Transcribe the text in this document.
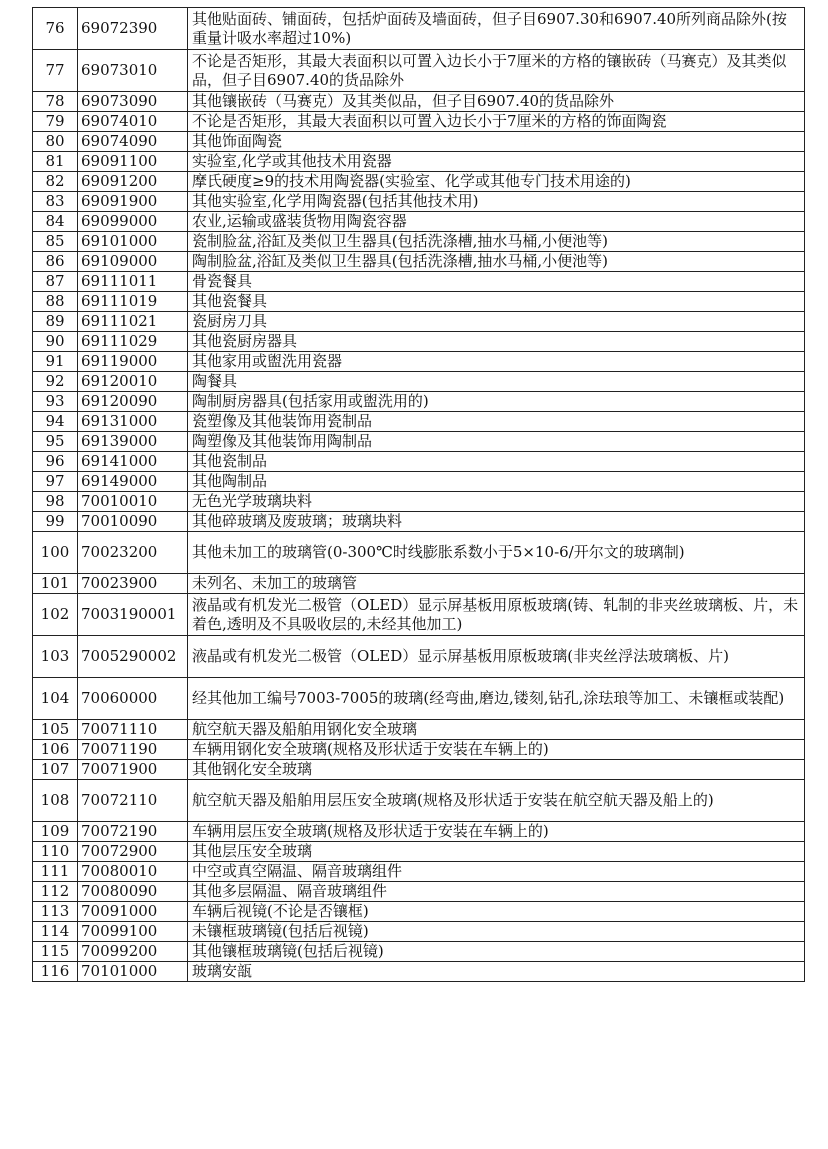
76	69072390	其他贴面砖、铺面砖，包括炉面砖及墙面砖，但子目6907.30和6907.40所列商品除外(按重量计吸水率超过10%)
77	69073010	不论是否矩形，其最大表面积以可置入边长小于7厘米的方格的镶嵌砖（马赛克）及其类似品，但子目6907.40的货品除外
78	69073090	其他镶嵌砖（马赛克）及其类似品，但子目6907.40的货品除外
79	69074010	不论是否矩形，其最大表面积以可置入边长小于7厘米的方格的饰面陶瓷
80	69074090	其他饰面陶瓷
81	69091100	实验室,化学或其他技术用瓷器
82	69091200	摩氏硬度≥9的技术用陶瓷器(实验室、化学或其他专门技术用途的)
83	69091900	其他实验室,化学用陶瓷器(包括其他技术用)
84	69099000	农业,运输或盛装货物用陶瓷容器
85	69101000	瓷制脸盆,浴缸及类似卫生器具(包括洗涤槽,抽水马桶,小便池等)
86	69109000	陶制脸盆,浴缸及类似卫生器具(包括洗涤槽,抽水马桶,小便池等)
87	69111011	骨瓷餐具
88	69111019	其他瓷餐具
89	69111021	瓷厨房刀具
90	69111029	其他瓷厨房器具
91	69119000	其他家用或盥洗用瓷器
92	69120010	陶餐具
93	69120090	陶制厨房器具(包括家用或盥洗用的)
94	69131000	瓷塑像及其他装饰用瓷制品
95	69139000	陶塑像及其他装饰用陶制品
96	69141000	其他瓷制品
97	69149000	其他陶制品
98	70010010	无色光学玻璃块料
99	70010090	其他碎玻璃及废玻璃；玻璃块料
100	70023200	其他未加工的玻璃管(0-300℃时线膨胀系数小于5×10-6/开尔文的玻璃制)
101	70023900	未列名、未加工的玻璃管
102	7003190001	液晶或有机发光二极管（OLED）显示屏基板用原板玻璃(铸、轧制的非夹丝玻璃板、片，未着色,透明及不具吸收层的,未经其他加工)
103	7005290002	液晶或有机发光二极管（OLED）显示屏基板用原板玻璃(非夹丝浮法玻璃板、片)
104	70060000	经其他加工编号7003-7005的玻璃(经弯曲,磨边,镂刻,钻孔,涂珐琅等加工、未镶框或装配)
105	70071110	航空航天器及船舶用钢化安全玻璃
106	70071190	车辆用钢化安全玻璃(规格及形状适于安装在车辆上的)
107	70071900	其他钢化安全玻璃
108	70072110	航空航天器及船舶用层压安全玻璃(规格及形状适于安装在航空航天器及船上的)
109	70072190	车辆用层压安全玻璃(规格及形状适于安装在车辆上的)
110	70072900	其他层压安全玻璃
111	70080010	中空或真空隔温、隔音玻璃组件
112	70080090	其他多层隔温、隔音玻璃组件
113	70091000	车辆后视镜(不论是否镶框)
114	70099100	未镶框玻璃镜(包括后视镜)
115	70099200	其他镶框玻璃镜(包括后视镜)
116	70101000	玻璃安瓿
